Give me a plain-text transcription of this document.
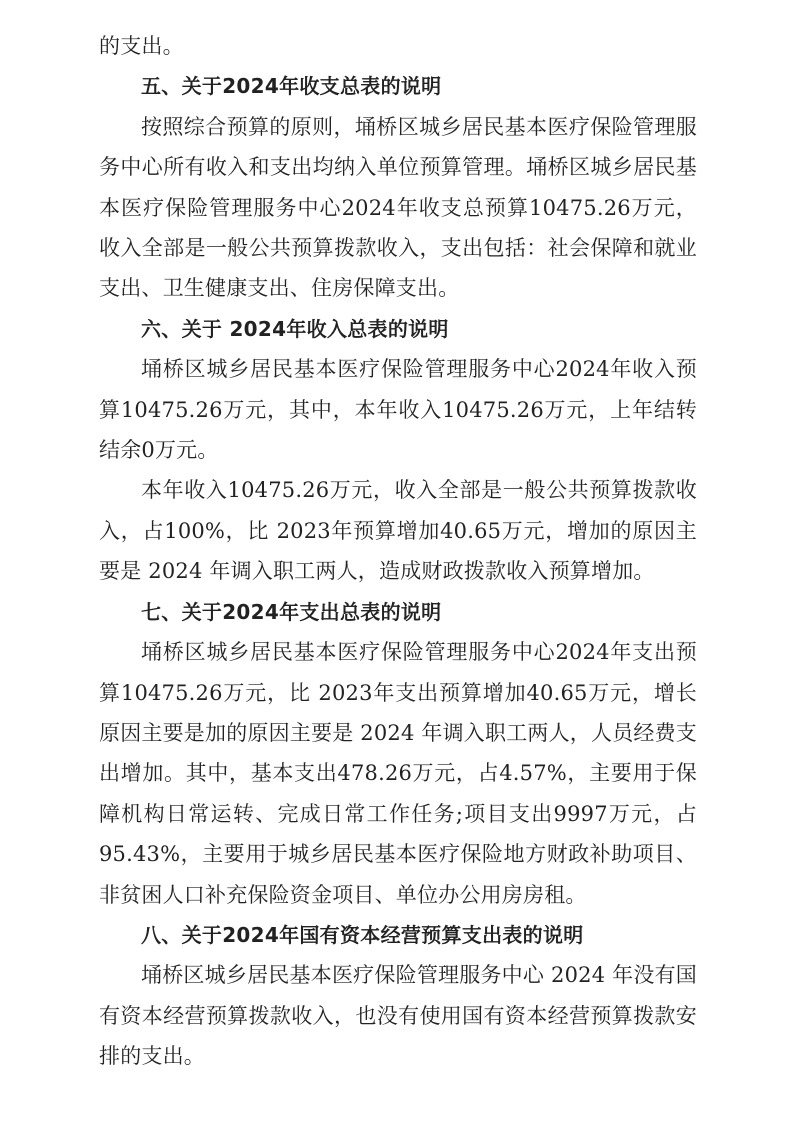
的支出。

五、关于2024年收支总表的说明

按照综合预算的原则，埇桥区城乡居民基本医疗保险管理服务中心所有收入和支出均纳入单位预算管理。埇桥区城乡居民基本医疗保险管理服务中心2024年收支总预算10475.26万元，收入全部是一般公共预算拨款收入，支出包括：社会保障和就业支出、卫生健康支出、住房保障支出。

六、关于 2024年收入总表的说明

埇桥区城乡居民基本医疗保险管理服务中心2024年收入预算10475.26万元，其中，本年收入10475.26万元，上年结转结余0万元。

本年收入10475.26万元，收入全部是一般公共预算拨款收入，占100%，比 2023年预算增加40.65万元，增加的原因主要是 2024 年调入职工两人，造成财政拨款收入预算增加。

七、关于2024年支出总表的说明

埇桥区城乡居民基本医疗保险管理服务中心2024年支出预算10475.26万元，比 2023年支出预算增加40.65万元，增长原因主要是加的原因主要是 2024 年调入职工两人，人员经费支出增加。其中，基本支出478.26万元，占4.57%，主要用于保障机构日常运转、完成日常工作任务;项目支出9997万元，占95.43%，主要用于城乡居民基本医疗保险地方财政补助项目、非贫困人口补充保险资金项目、单位办公用房房租。

八、关于2024年国有资本经营预算支出表的说明

埇桥区城乡居民基本医疗保险管理服务中心 2024 年没有国有资本经营预算拨款收入，也没有使用国有资本经营预算拨款安排的支出。
